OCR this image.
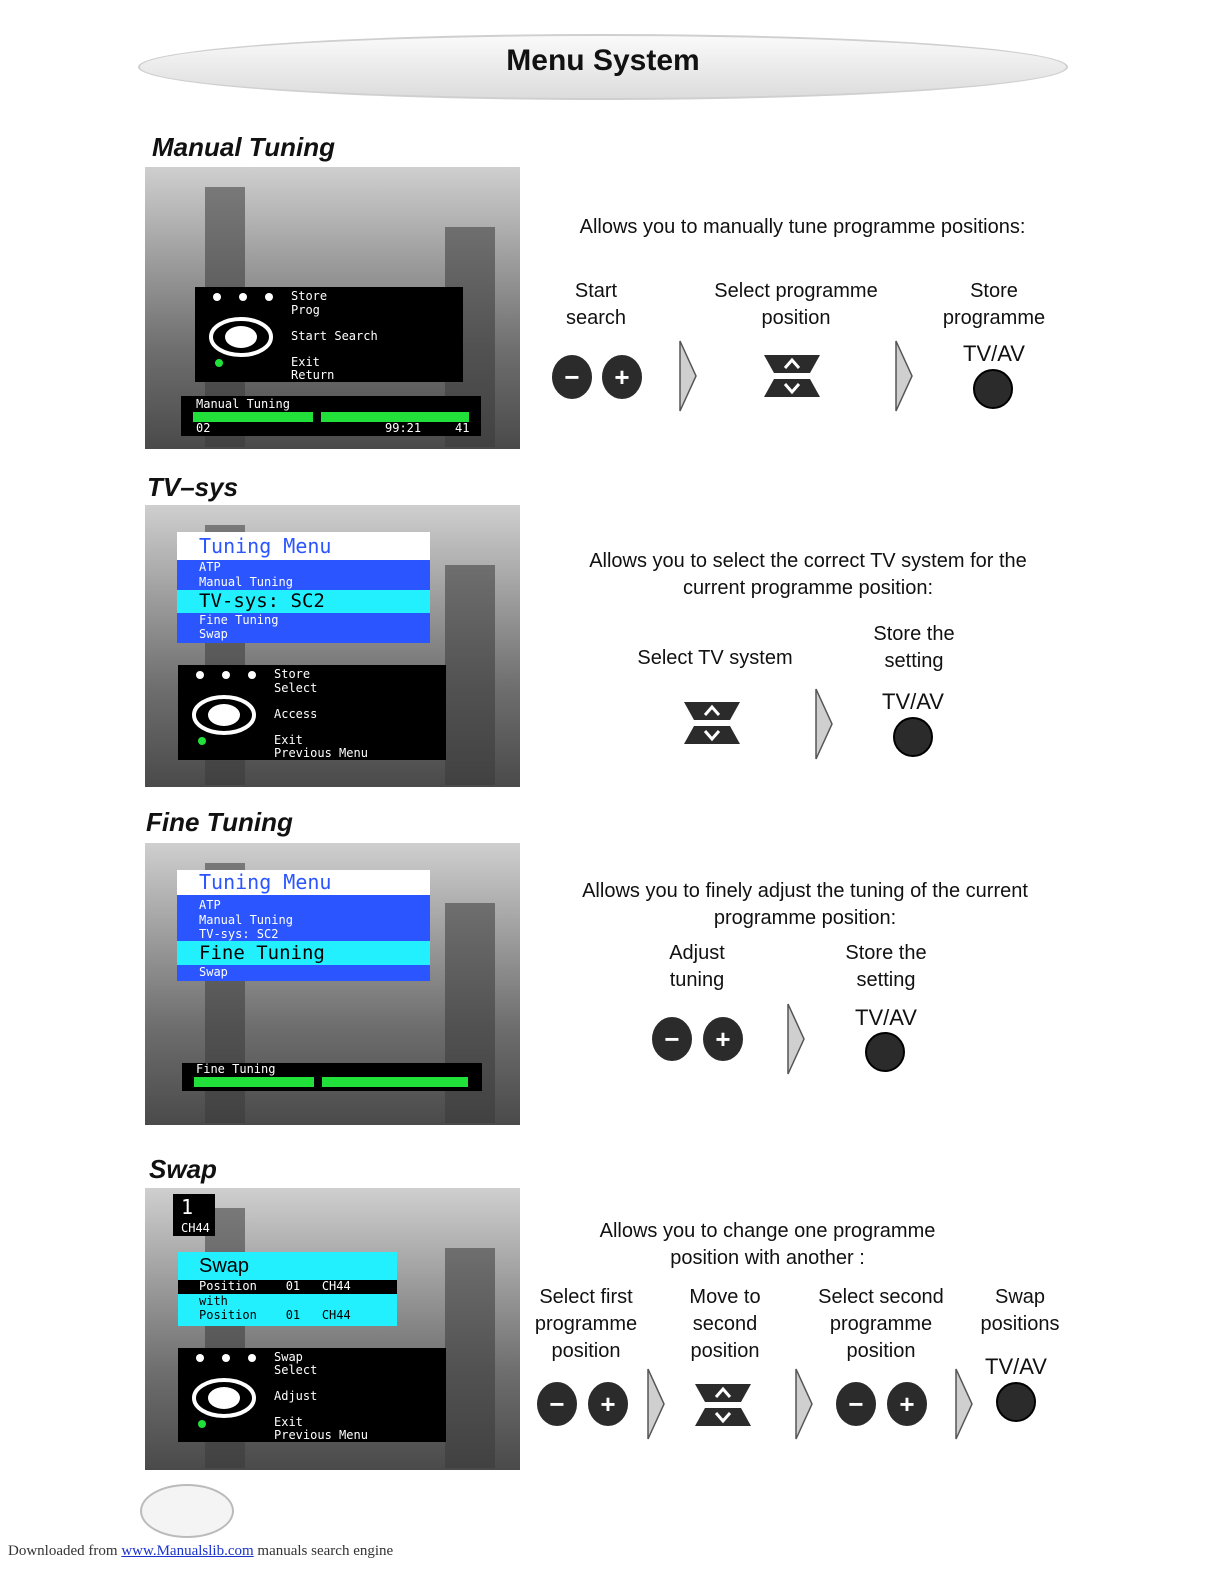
Menu System
Manual Tuning
Store
Prog
Start Search
Exit
Return
Manual Tuning
02	99:21	41
Allows you to manually tune programme positions:
Start
search
Select programme
position
Store
programme
−	+
TV/AV
TV–sys
Tuning Menu
ATP
Manual Tuning
TV-sys: SC2
Fine Tuning
Swap
Store
Select
Access
Exit
Previous Menu
Allows you to select the correct TV system for the
current programme position:
Select TV system
Store the
setting
TV/AV
Fine Tuning
Tuning Menu
ATP
Manual Tuning
TV-sys: SC2
Fine Tuning
Swap
Fine Tuning
Allows you to finely adjust the tuning of the current
programme position:
Adjust
tuning
Store the
setting
−	+
TV/AV
Swap
1
CH44
Swap
Position    01   CH44
with
Position    01   CH44
Swap
Select
Adjust
Exit
Previous Menu
Allows you to change one programme
position with another :
Select first
programme
position
Move to
second
position
Select second
programme
position
Swap
positions
−	+	−	+
TV/AV
Downloaded from www.Manualslib.com manuals search engine
